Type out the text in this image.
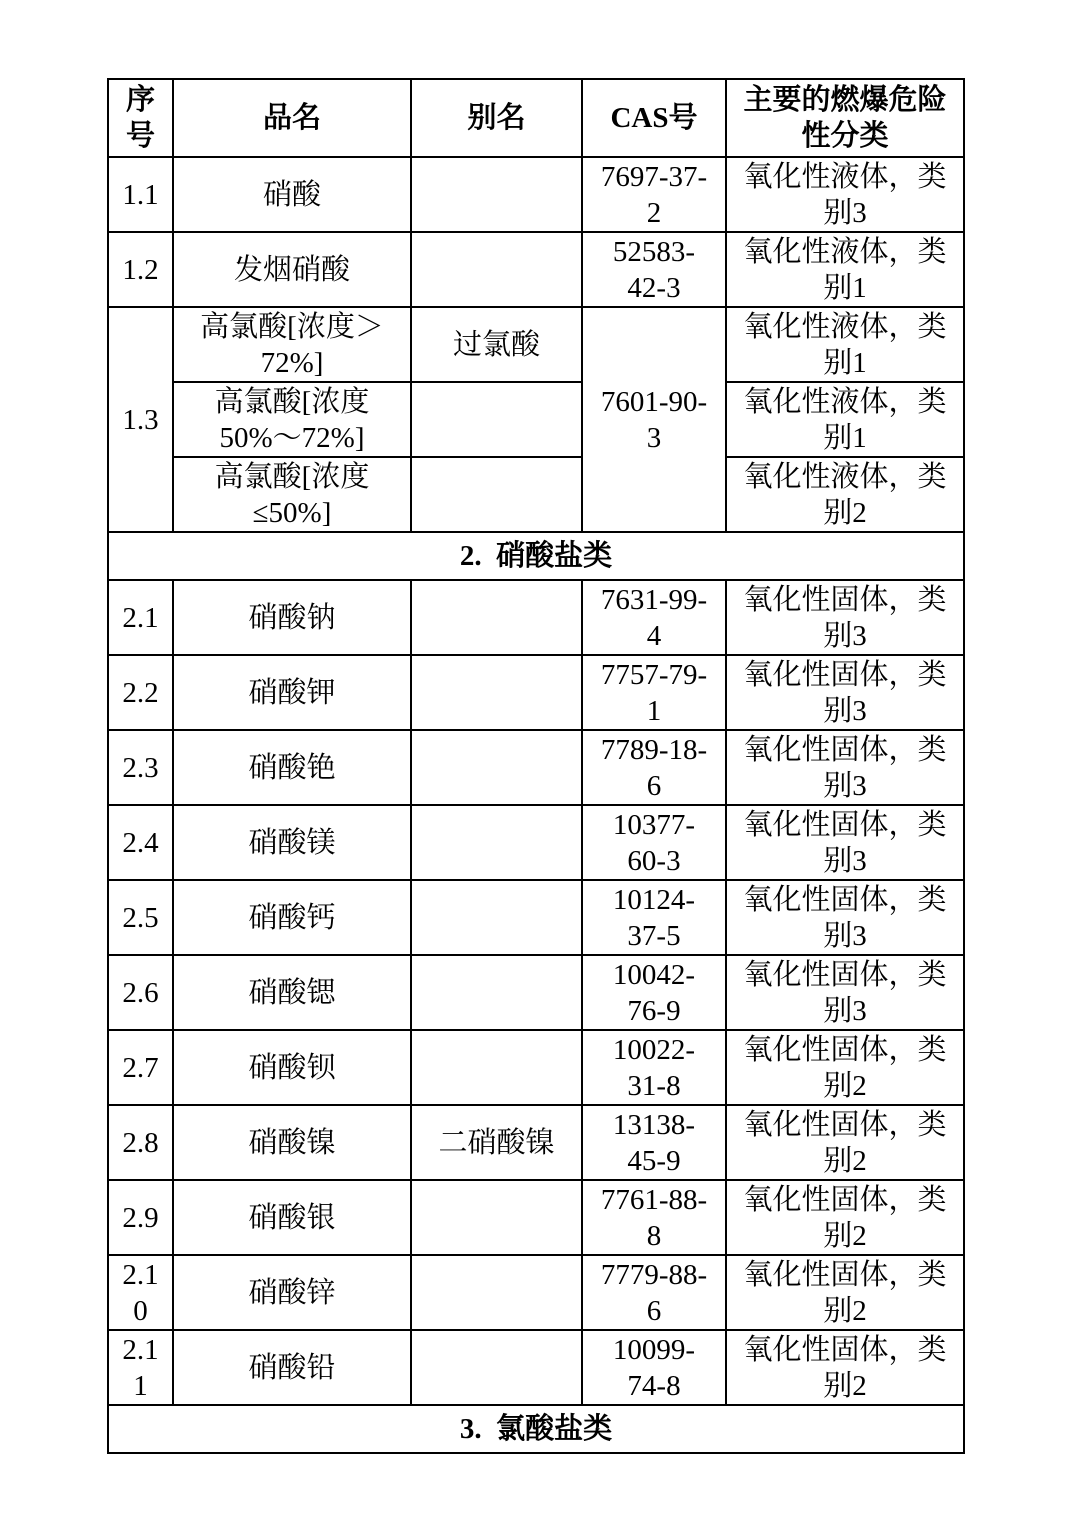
序号	品名	别名	CAS号	主要的燃爆危险性分类
1.1	硝酸		7697-37-2	氧化性液体，类别3
1.2	发烟硝酸		52583-42-3	氧化性液体，类别1
1.3	高氯酸[浓度＞72%]	过氯酸	7601-90-3	氧化性液体，类别1
	高氯酸[浓度 50%～72%]			氧化性液体，类别1
	高氯酸[浓度≤50%]			氧化性液体，类别2
2.  硝酸盐类				
2.1	硝酸钠		7631-99-4	氧化性固体，类别3
2.2	硝酸钾		7757-79-1	氧化性固体，类别3
2.3	硝酸铯		7789-18-6	氧化性固体，类别3
2.4	硝酸镁		10377-60-3	氧化性固体，类别3
2.5	硝酸钙		10124-37-5	氧化性固体，类别3
2.6	硝酸锶		10042-76-9	氧化性固体，类别3
2.7	硝酸钡		10022-31-8	氧化性固体，类别2
2.8	硝酸镍	二硝酸镍	13138-45-9	氧化性固体，类别2
2.9	硝酸银		7761-88-8	氧化性固体，类别2
2.10	硝酸锌		7779-88-6	氧化性固体，类别2
2.11	硝酸铅		10099-74-8	氧化性固体，类别2
3.  氯酸盐类				
